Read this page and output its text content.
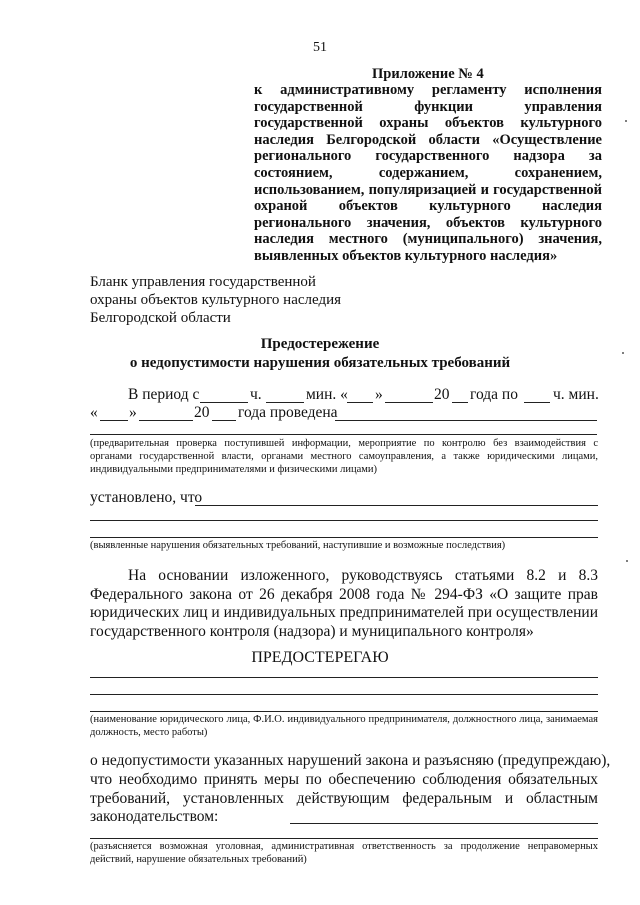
51
Приложение № 4
к административному регламенту исполнения государственной функции управления государственной охраны объектов культурного наследия Белгородской области «Осуществление регионального государственного надзора за состоянием, содержанием, сохранением, использованием, популяризацией и государственной охраной объектов культурного наследия регионального значения, объектов культурного наследия местного (муниципального) значения, выявленных объектов культурного наследия»
Бланк управления государственной
охраны объектов культурного наследия
Белгородской области
Предостережение
о недопустимости нарушения обязательных требований
В период с	ч.	мин. « »	20 года по ч. мин.
« »	20 года проведена
(предварительная проверка поступившей информации, мероприятие по контролю без взаимодействия с органами государственной власти, органами местного самоуправления, а также юридическими лицами, индивидуальными предпринимателями и физическими лицами)
установлено, что
(выявленные нарушения обязательных требований, наступившие и возможные последствия)
На основании изложенного, руководствуясь статьями 8.2 и 8.3 Федерального закона от 26 декабря 2008 года № 294-ФЗ «О защите прав юридических лиц и индивидуальных предпринимателей при осуществлении государственного контроля (надзора) и муниципального контроля»
ПРЕДОСТЕРЕГАЮ
(наименование юридического лица, Ф.И.О. индивидуального предпринимателя, должностного лица, занимаемая должность, место работы)
о недопустимости указанных нарушений закона и разъясняю (предупреждаю),
что необходимо принять меры по обеспечению соблюдения обязательных требований, установленных действующим федеральным и областным законодательством:
(разъясняется возможная уголовная, административная ответственность за продолжение неправомерных действий, нарушение обязательных требований)
